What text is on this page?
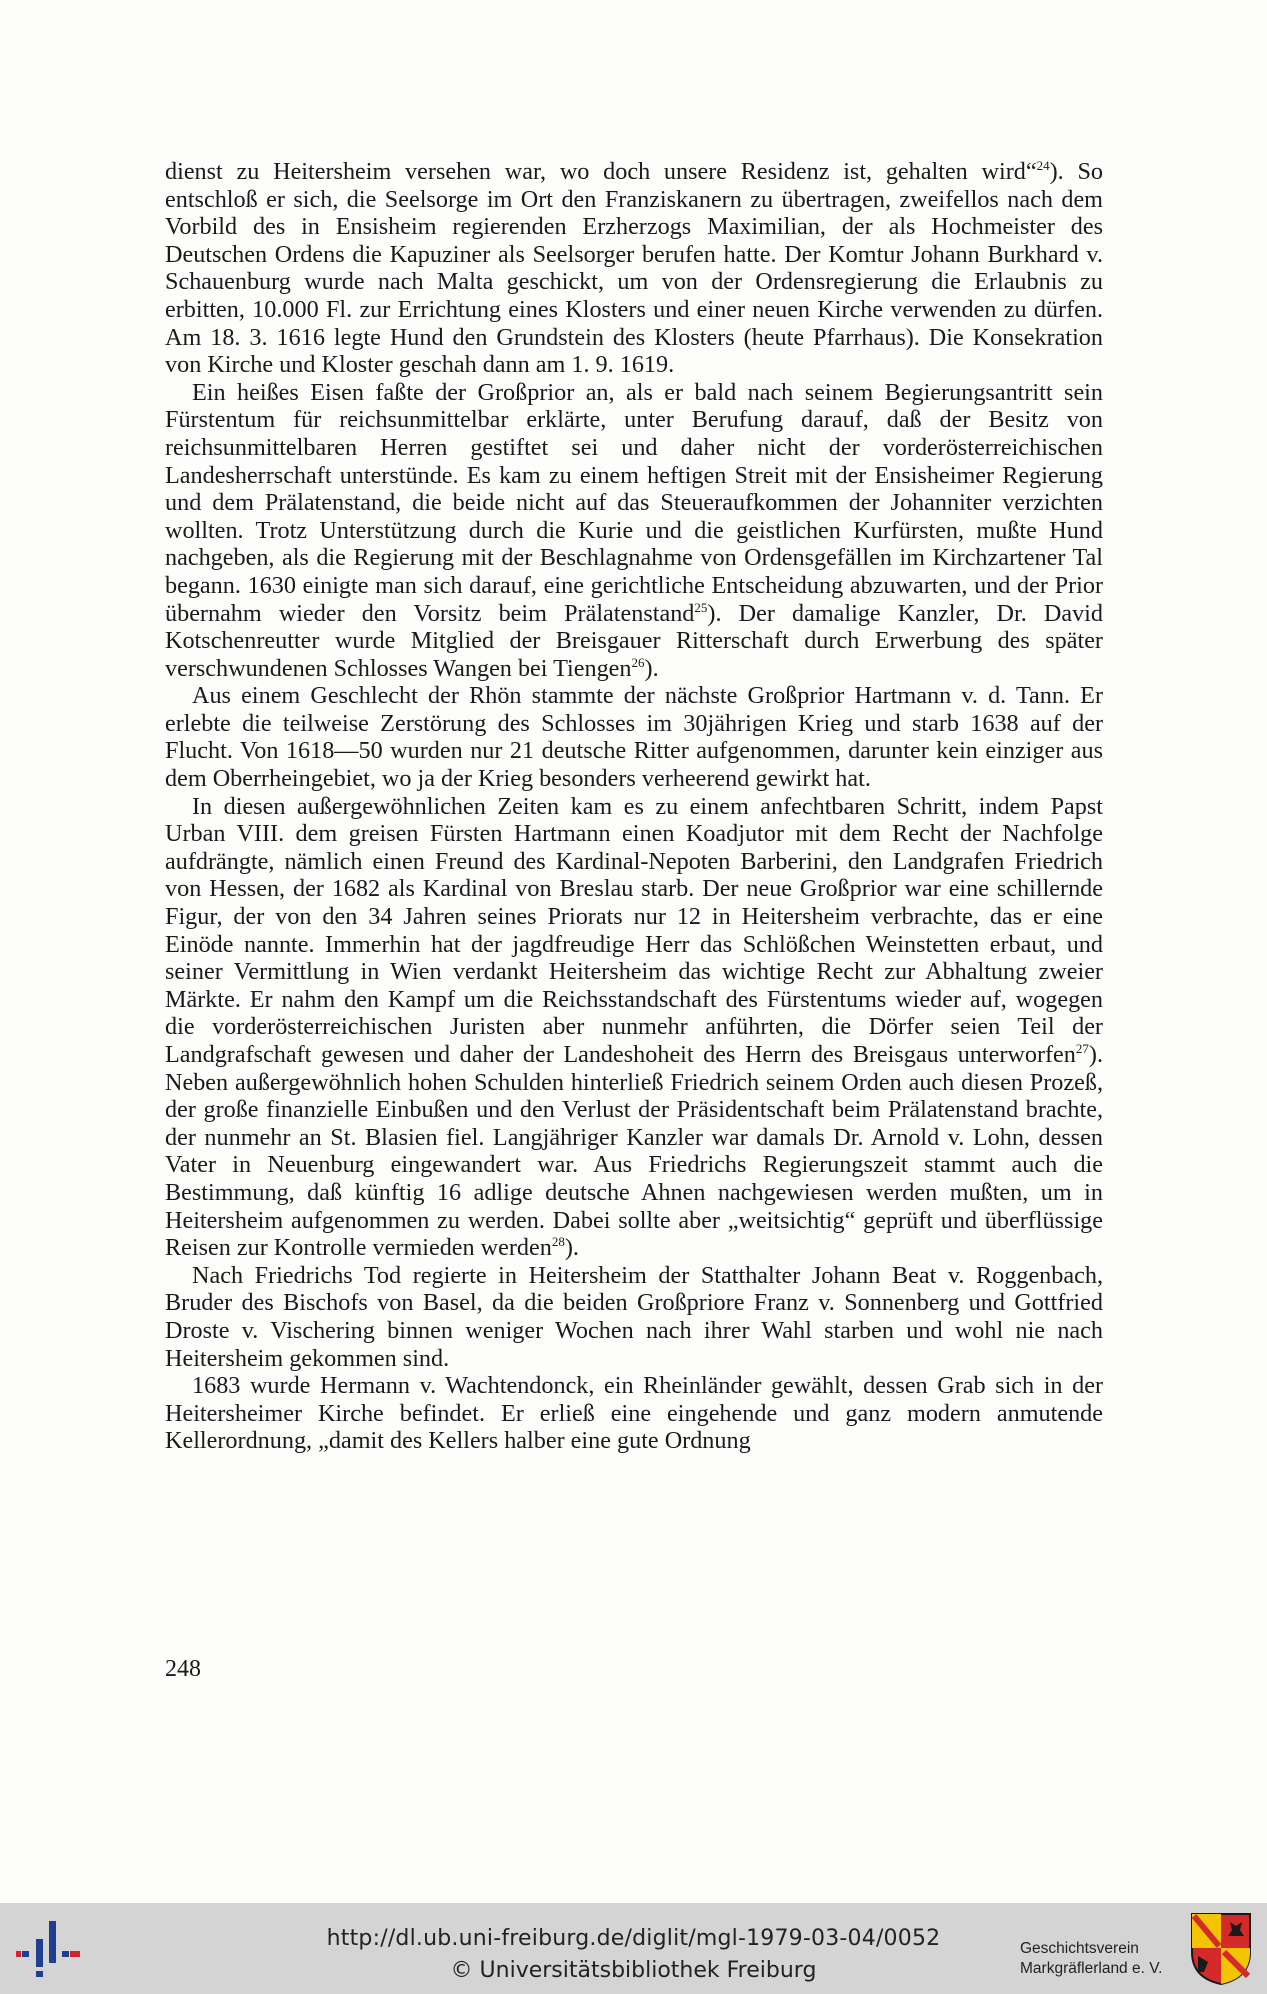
dienst zu Heitersheim versehen war, wo doch unsere Residenz ist, gehalten wird“$^{24}$). So entschloß er sich, die Seelsorge im Ort den Franziskanern zu übertragen, zweifellos nach dem Vorbild des in Ensisheim regierenden Erzherzogs Maximilian, der als Hochmeister des Deutschen Ordens die Kapuziner als Seelsorger berufen hatte. Der Komtur Johann Burkhard v. Schauenburg wurde nach Malta geschickt, um von der Ordensregierung die Erlaubnis zu erbitten, 10.000 Fl. zur Errichtung eines Klosters und einer neuen Kirche verwenden zu dürfen. Am 18. 3. 1616 legte Hund den Grundstein des Klosters (heute Pfarrhaus). Die Konsekration von Kirche und Kloster geschah dann am 1. 9. 1619.

Ein heißes Eisen faßte der Großprior an, als er bald nach seinem Begierungsantritt sein Fürstentum für reichsunmittelbar erklärte, unter Berufung darauf, daß der Besitz von reichsunmittelbaren Herren gestiftet sei und daher nicht der vorderösterreichischen Landesherrschaft unterstünde. Es kam zu einem heftigen Streit mit der Ensisheimer Regierung und dem Prälatenstand, die beide nicht auf das Steueraufkommen der Johanniter verzichten wollten. Trotz Unterstützung durch die Kurie und die geistlichen Kurfürsten, mußte Hund nachgeben, als die Regierung mit der Beschlagnahme von Ordensgefällen im Kirchzartener Tal begann. 1630 einigte man sich darauf, eine gerichtliche Entscheidung abzuwarten, und der Prior übernahm wieder den Vorsitz beim Prälatenstand$^{25}$). Der damalige Kanzler, Dr. David Kotschenreutter wurde Mitglied der Breisgauer Ritterschaft durch Erwerbung des später verschwundenen Schlosses Wangen bei Tiengen$^{26}$).

Aus einem Geschlecht der Rhön stammte der nächste Großprior Hartmann v. d. Tann. Er erlebte die teilweise Zerstörung des Schlosses im 30jährigen Krieg und starb 1638 auf der Flucht. Von 1618—50 wurden nur 21 deutsche Ritter aufgenommen, darunter kein einziger aus dem Oberrheingebiet, wo ja der Krieg besonders verheerend gewirkt hat.

In diesen außergewöhnlichen Zeiten kam es zu einem anfechtbaren Schritt, indem Papst Urban VIII. dem greisen Fürsten Hartmann einen Koadjutor mit dem Recht der Nachfolge aufdrängte, nämlich einen Freund des Kardinal-Nepoten Barberini, den Landgrafen Friedrich von Hessen, der 1682 als Kardinal von Breslau starb. Der neue Großprior war eine schillernde Figur, der von den 34 Jahren seines Priorats nur 12 in Heitersheim verbrachte, das er eine Einöde nannte. Immerhin hat der jagdfreudige Herr das Schlößchen Weinstetten erbaut, und seiner Vermittlung in Wien verdankt Heitersheim das wichtige Recht zur Abhaltung zweier Märkte. Er nahm den Kampf um die Reichsstandschaft des Fürstentums wieder auf, wogegen die vorderösterreichischen Juristen aber nunmehr anführten, die Dörfer seien Teil der Landgrafschaft gewesen und daher der Landeshoheit des Herrn des Breisgaus unterworfen$^{27}$). Neben außergewöhnlich hohen Schulden hinterließ Friedrich seinem Orden auch diesen Prozeß, der große finanzielle Einbußen und den Verlust der Präsidentschaft beim Prälatenstand brachte, der nunmehr an St. Blasien fiel. Langjähriger Kanzler war damals Dr. Arnold v. Lohn, dessen Vater in Neuenburg eingewandert war. Aus Friedrichs Regierungszeit stammt auch die Bestimmung, daß künftig 16 adlige deutsche Ahnen nachgewiesen werden mußten, um in Heitersheim aufgenommen zu werden. Dabei sollte aber „weitsichtig“ geprüft und überflüssige Reisen zur Kontrolle vermieden werden$^{28}$).

Nach Friedrichs Tod regierte in Heitersheim der Statthalter Johann Beat v. Roggenbach, Bruder des Bischofs von Basel, da die beiden Großpriore Franz v. Sonnenberg und Gottfried Droste v. Vischering binnen weniger Wochen nach ihrer Wahl starben und wohl nie nach Heitersheim gekommen sind.

1683 wurde Hermann v. Wachtendonck, ein Rheinländer gewählt, dessen Grab sich in der Heitersheimer Kirche befindet. Er erließ eine eingehende und ganz modern anmutende Kellerordnung, „damit des Kellers halber eine gute Ordnung

248
http://dl.ub.uni-freiburg.de/diglit/mgl-1979-03-04/0052
© Universitätsbibliothek Freiburg
Geschichtsverein
Markgräflerland e. V.
